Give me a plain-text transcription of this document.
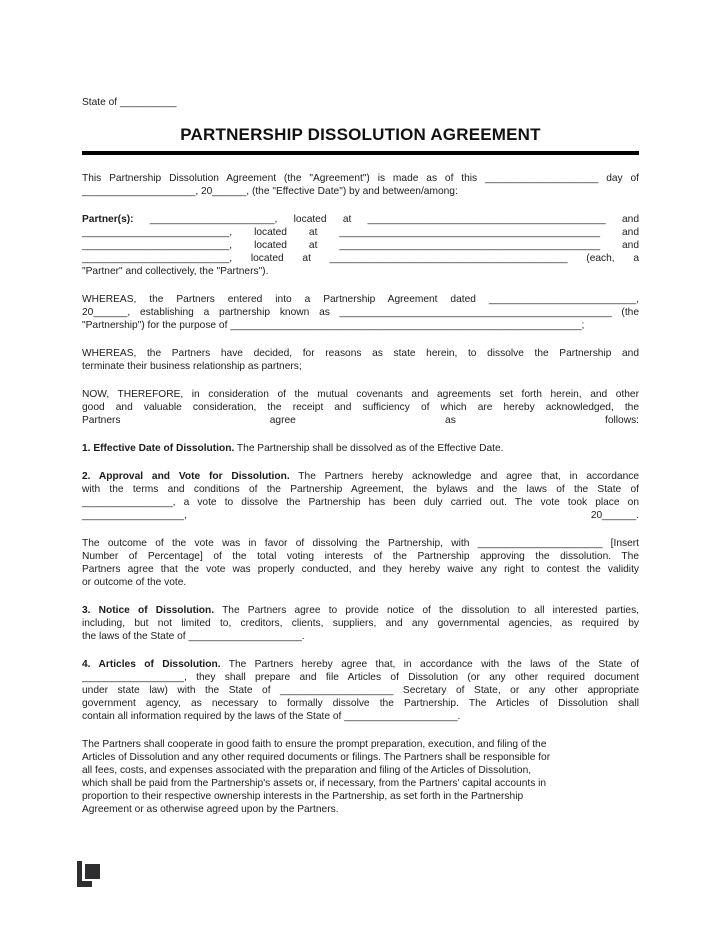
State of __________
PARTNERSHIP DISSOLUTION AGREEMENT

This Partnership Dissolution Agreement (the "Agreement") is made as of this ____________________ day of
____________________, 20______, (the "Effective Date") by and between/among:

Partner(s): ______________________, located at __________________________________________ and
__________________________, located at ______________________________________________ and
__________________________, located at ______________________________________________ and
__________________________, located at __________________________________________ (each, a
"Partner" and collectively, the "Partners").

WHEREAS, the Partners entered into a Partnership Agreement dated __________________________,
20______, establishing a partnership known as ________________________________________________ (the
"Partnership") for the purpose of ______________________________________________________________;

WHEREAS, the Partners have decided, for reasons as state herein, to dissolve the Partnership and
terminate their business relationship as partners;

NOW, THEREFORE, in consideration of the mutual covenants and agreements set forth herein, and other
good and valuable consideration, the receipt and sufficiency of which are hereby acknowledged, the
Partners agree as follows:

1. Effective Date of Dissolution. The Partnership shall be dissolved as of the Effective Date.

2. Approval and Vote for Dissolution. The Partners hereby acknowledge and agree that, in accordance
with the terms and conditions of the Partnership Agreement, the bylaws and the laws of the State of
________________, a vote to dissolve the Partnership has been duly carried out. The vote took place on
__________________, 20______.

The outcome of the vote was in favor of dissolving the Partnership, with ______________________ [Insert
Number of Percentage] of the total voting interests of the Partnership approving the dissolution. The
Partners agree that the vote was properly conducted, and they hereby waive any right to contest the validity
or outcome of the vote.

3. Notice of Dissolution. The Partners agree to provide notice of the dissolution to all interested parties,
including, but not limited to, creditors, clients, suppliers, and any governmental agencies, as required by
the laws of the State of ____________________.

4. Articles of Dissolution. The Partners hereby agree that, in accordance with the laws of the State of
__________________, they shall prepare and file Articles of Dissolution (or any other required document
under state law) with the State of ____________________ Secretary of State, or any other appropriate
government agency, as necessary to formally dissolve the Partnership. The Articles of Dissolution shall
contain all information required by the laws of the State of ____________________.

The Partners shall cooperate in good faith to ensure the prompt preparation, execution, and filing of the
Articles of Dissolution and any other required documents or filings. The Partners shall be responsible for
all fees, costs, and expenses associated with the preparation and filing of the Articles of Dissolution,
which shall be paid from the Partnership's assets or, if necessary, from the Partners' capital accounts in
proportion to their respective ownership interests in the Partnership, as set forth in the Partnership
Agreement or as otherwise agreed upon by the Partners.
